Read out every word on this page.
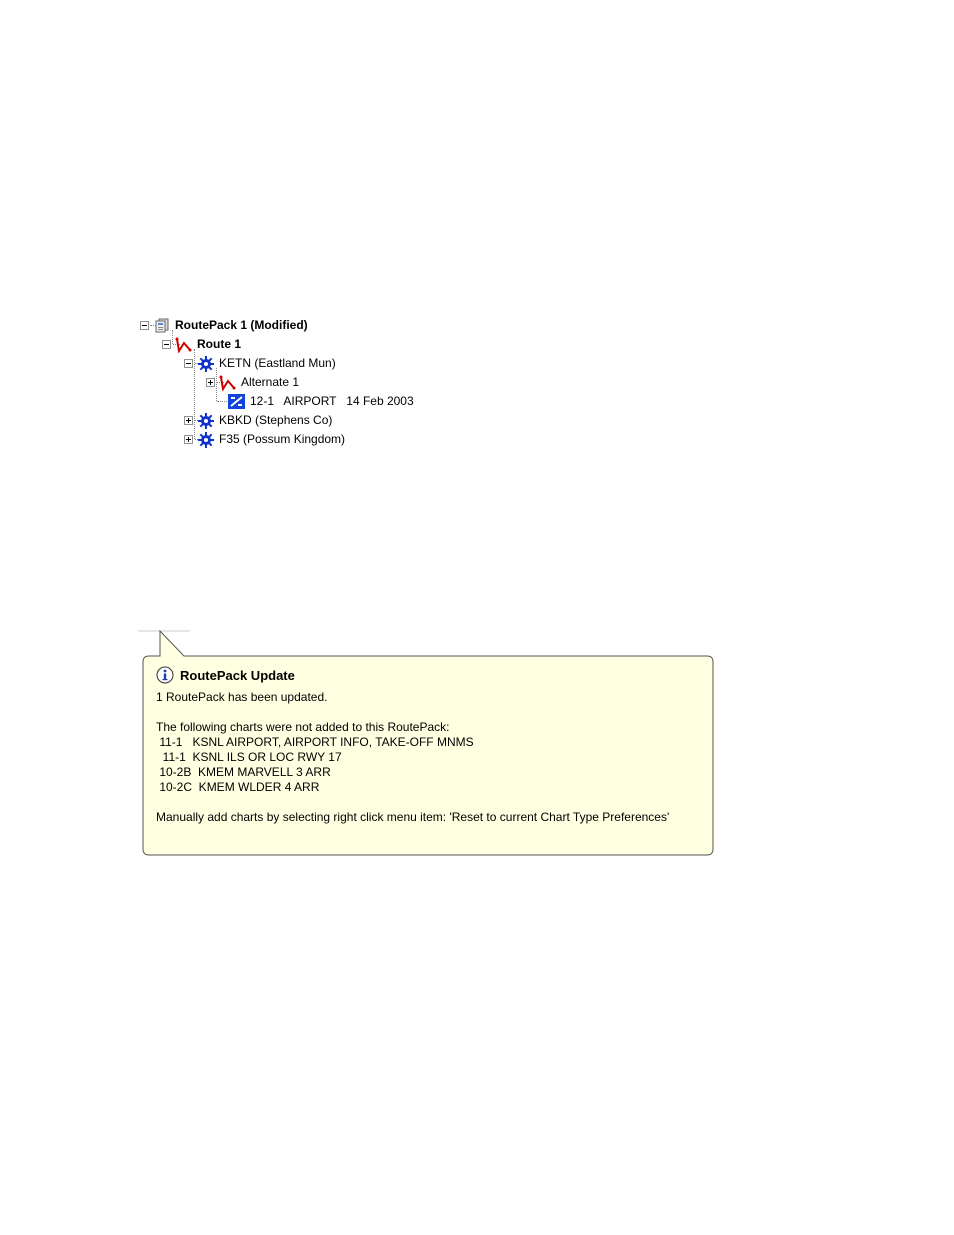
RoutePack 1 (Modified)
Route 1
KETN (Eastland Mun)
Alternate 1
12-1   AIRPORT   14 Feb 2003
KBKD (Stephens Co)
F35 (Possum Kingdom)
RoutePack Update
1 RoutePack has been updated.
The following charts were not added to this RoutePack:
11-1   KSNL AIRPORT, AIRPORT INFO, TAKE-OFF MNMS
11-1  KSNL ILS OR LOC RWY 17
10-2B  KMEM MARVELL 3 ARR
10-2C  KMEM WLDER 4 ARR
Manually add charts by selecting right click menu item: 'Reset to current Chart Type Preferences'
